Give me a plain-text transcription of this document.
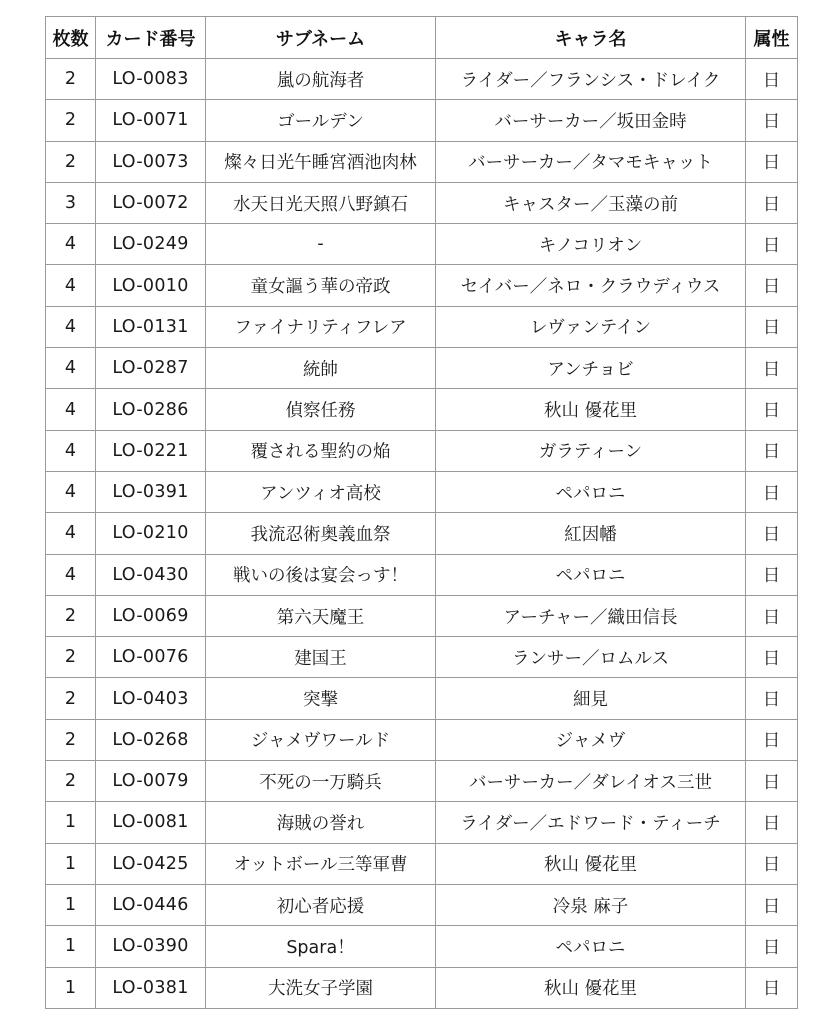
枚数	カード番号	サブネーム	キャラ名	属性
2	LO-0083	嵐の航海者	ライダー／フランシス・ドレイク	日
2	LO-0071	ゴールデン	バーサーカー／坂田金時	日
2	LO-0073	燦々日光午睡宮酒池肉林	バーサーカー／タマモキャット	日
3	LO-0072	水天日光天照八野鎮石	キャスター／玉藻の前	日
4	LO-0249	-	キノコリオン	日
4	LO-0010	童女謳う華の帝政	セイバー／ネロ・クラウディウス	日
4	LO-0131	ファイナリティフレア	レヴァンテイン	日
4	LO-0287	統帥	アンチョビ	日
4	LO-0286	偵察任務	秋山 優花里	日
4	LO-0221	覆される聖約の焔	ガラティーン	日
4	LO-0391	アンツィオ高校	ペパロニ	日
4	LO-0210	我流忍術奥義血祭	紅因幡	日
4	LO-0430	戦いの後は宴会っす！	ペパロニ	日
2	LO-0069	第六天魔王	アーチャー／織田信長	日
2	LO-0076	建国王	ランサー／ロムルス	日
2	LO-0403	突撃	細見	日
2	LO-0268	ジャメヴワールド	ジャメヴ	日
2	LO-0079	不死の一万騎兵	バーサーカー／ダレイオス三世	日
1	LO-0081	海賊の誉れ	ライダー／エドワード・ティーチ	日
1	LO-0425	オットボール三等軍曹	秋山 優花里	日
1	LO-0446	初心者応援	冷泉 麻子	日
1	LO-0390	Spara！	ペパロニ	日
1	LO-0381	大洗女子学園	秋山 優花里	日
